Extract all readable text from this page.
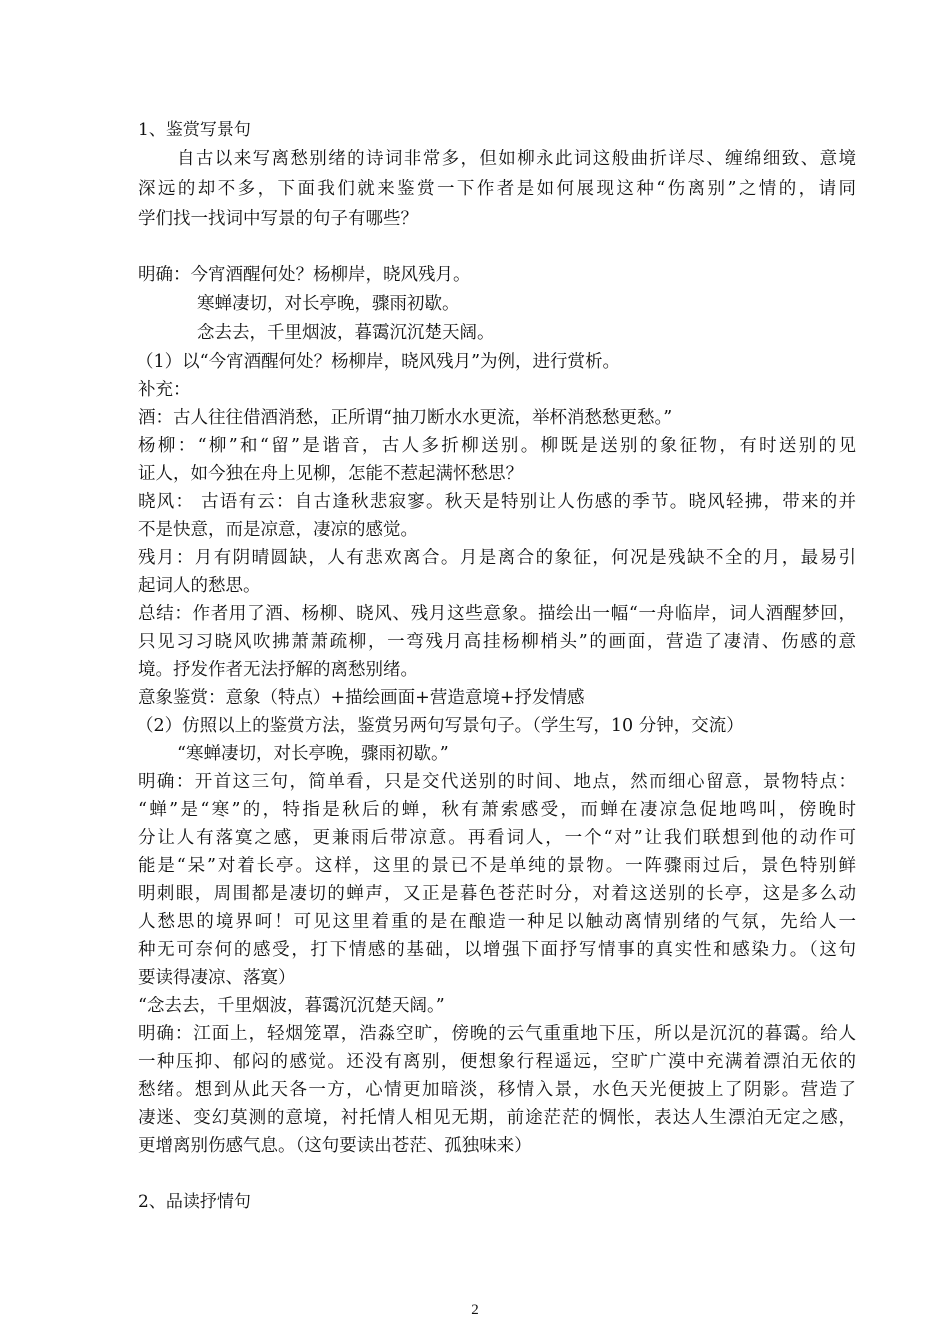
1、鉴赏写景句
自古以来写离愁别绪的诗词非常多，但如柳永此词这般曲折详尽、缠绵细致、意境
深远的却不多，下面我们就来鉴赏一下作者是如何展现这种“伤离别”之情的，请同
学们找一找词中写景的句子有哪些？
明确：今宵酒醒何处？杨柳岸，晓风残月。
寒蝉凄切，对长亭晚，骤雨初歇。
念去去，千里烟波，暮霭沉沉楚天阔。
（1）以“今宵酒醒何处？杨柳岸，晓风残月”为例，进行赏析。
补充：
酒：古人往往借酒消愁，正所谓“抽刀断水水更流，举杯消愁愁更愁。”
杨柳：“柳”和“留”是谐音，古人多折柳送别。柳既是送别的象征物，有时送别的见
证人，如今独在舟上见柳，怎能不惹起满怀愁思？
晓风： 古语有云：自古逢秋悲寂寥。秋天是特别让人伤感的季节。晓风轻拂，带来的并
不是快意，而是凉意，凄凉的感觉。
残月：月有阴晴圆缺，人有悲欢离合。月是离合的象征，何况是残缺不全的月，最易引
起词人的愁思。
总结：作者用了酒、杨柳、晓风、残月这些意象。描绘出一幅“一舟临岸，词人酒醒梦回，
只见习习晓风吹拂萧萧疏柳，一弯残月高挂杨柳梢头”的画面，营造了凄清、伤感的意
境。抒发作者无法抒解的离愁别绪。
意象鉴赏：意象（特点）+描绘画面+营造意境+抒发情感
（2）仿照以上的鉴赏方法，鉴赏另两句写景句子。（学生写，10 分钟，交流）
“寒蝉凄切，对长亭晚，骤雨初歇。”
明确：开首这三句，简单看，只是交代送别的时间、地点，然而细心留意，景物特点：
“蝉”是“寒”的，特指是秋后的蝉，秋有萧索感受，而蝉在凄凉急促地鸣叫，傍晚时
分让人有落寞之感，更兼雨后带凉意。再看词人，一个“对”让我们联想到他的动作可
能是“呆”对着长亭。这样，这里的景已不是单纯的景物。一阵骤雨过后，景色特别鲜
明刺眼，周围都是凄切的蝉声，又正是暮色苍茫时分，对着这送别的长亭，这是多么动
人愁思的境界呵！可见这里着重的是在酿造一种足以触动离情别绪的气氛，先给人一
种无可奈何的感受，打下情感的基础，以增强下面抒写情事的真实性和感染力。（这句
要读得凄凉、落寞）
“念去去，千里烟波，暮霭沉沉楚天阔。”
明确：江面上，轻烟笼罩，浩淼空旷，傍晚的云气重重地下压，所以是沉沉的暮霭。给人
一种压抑、郁闷的感觉。还没有离别，便想象行程遥远，空旷广漠中充满着漂泊无依的
愁绪。想到从此天各一方，心情更加暗淡，移情入景，水色天光便披上了阴影。营造了
凄迷、变幻莫测的意境，衬托情人相见无期，前途茫茫的惆怅，表达人生漂泊无定之感，
更增离别伤感气息。（这句要读出苍茫、孤独味来）
2、品读抒情句
2
